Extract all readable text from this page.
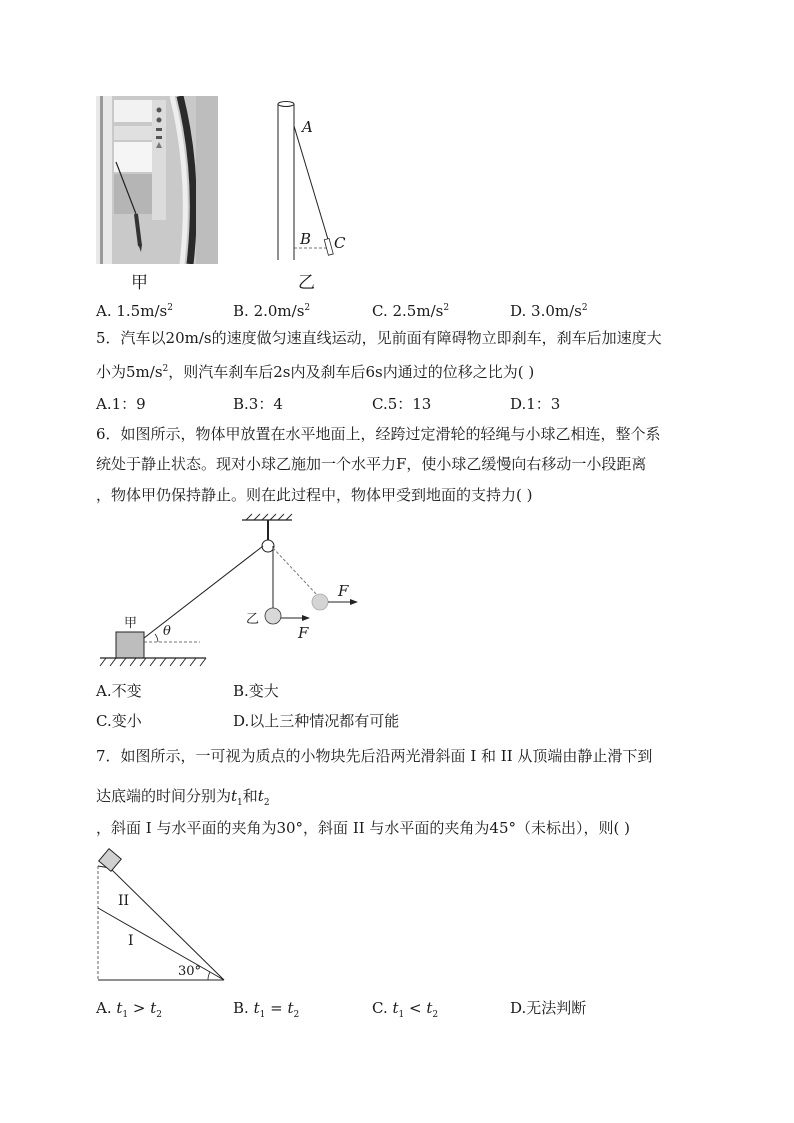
甲
A
B C
乙
A. $1.5m/s^2$	B. $2.0m/s^2$	C. $2.5m/s^2$	D. $3.0m/s^2$
5．汽车以20m/s的速度做匀速直线运动，见前面有障碍物立即刹车，刹车后加速度大
小为$5m/s^2$，则汽车刹车后2s内及刹车后6s内通过的位移之比为( )
A.1：9	B.3：4	C.5：13	D.1：3
6．如图所示，物体甲放置在水平地面上，经跨过定滑轮的轻绳与小球乙相连，整个系
统处于静止状态。现对小球乙施加一个水平力F，使小球乙缓慢向右移动一小段距离
，物体甲仍保持静止。则在此过程中，物体甲受到地面的支持力( )
甲
θ
乙
F
F
A.不变	B.变大
C.变小	D.以上三种情况都有可能
7．如图所示，一可视为质点的小物块先后沿两光滑斜面 I 和 II 从顶端由静止滑下到
达底端的时间分别为$t_1$和$t_2$
，斜面 I 与水平面的夹角为30°，斜面 II 与水平面的夹角为45°（未标出），则( )
II
I
30°
A. $t_1 > t_2$	B. $t_1 = t_2$	C. $t_1 < t_2$	D.无法判断
